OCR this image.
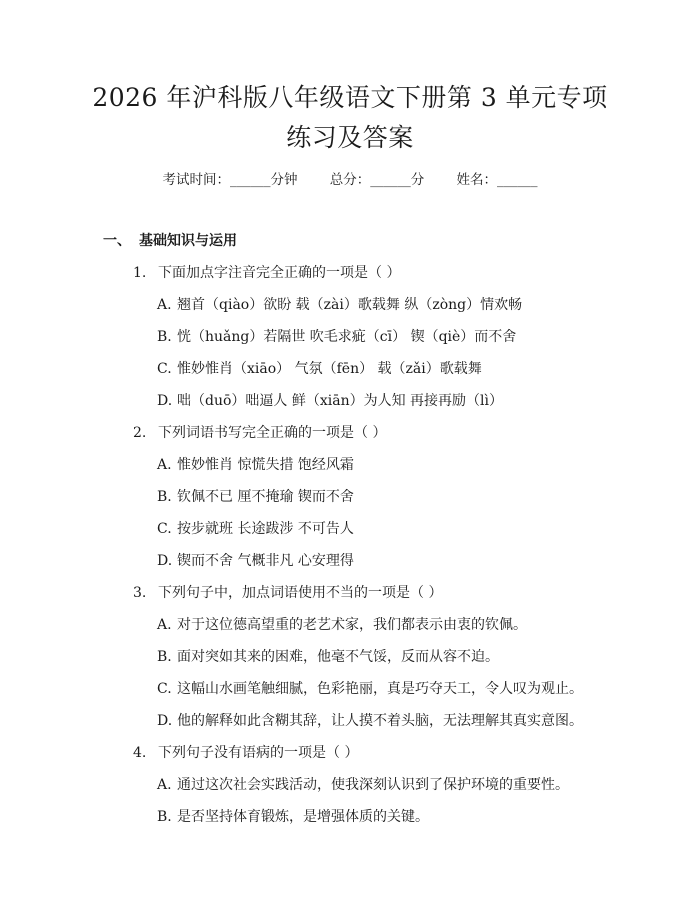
2026 年沪科版八年级语文下册第 3 单元专项
练习及答案
考试时间：______分钟 总分：______分 姓名：______
一、 基础知识与运用
1. 下面加点字注音完全正确的一项是（ ）
A. 翘首（qiào）欲盼 载（zài）歌载舞 纵（zòng）情欢畅
B. 恍（huǎng）若隔世 吹毛求疵（cī） 锲（qiè）而不舍
C. 惟妙惟肖（xiāo） 气氛（fēn） 载（zǎi）歌载舞
D. 咄（duō）咄逼人 鲜（xiān）为人知 再接再励（lì）
2. 下列词语书写完全正确的一项是（ ）
A. 惟妙惟肖 惊慌失措 饱经风霜
B. 钦佩不已 厘不掩瑜 锲而不舍
C. 按步就班 长途跋涉 不可告人
D. 锲而不舍 气概非凡 心安理得
3. 下列句子中，加点词语使用不当的一项是（ ）
A. 对于这位德高望重的老艺术家，我们都表示由衷的钦佩。
B. 面对突如其来的困难，他毫不气馁，反而从容不迫。
C. 这幅山水画笔触细腻，色彩艳丽，真是巧夺天工，令人叹为观止。
D. 他的解释如此含糊其辞，让人摸不着头脑，无法理解其真实意图。
4. 下列句子没有语病的一项是（ ）
A. 通过这次社会实践活动，使我深刻认识到了保护环境的重要性。
B. 是否坚持体育锻炼，是增强体质的关键。
